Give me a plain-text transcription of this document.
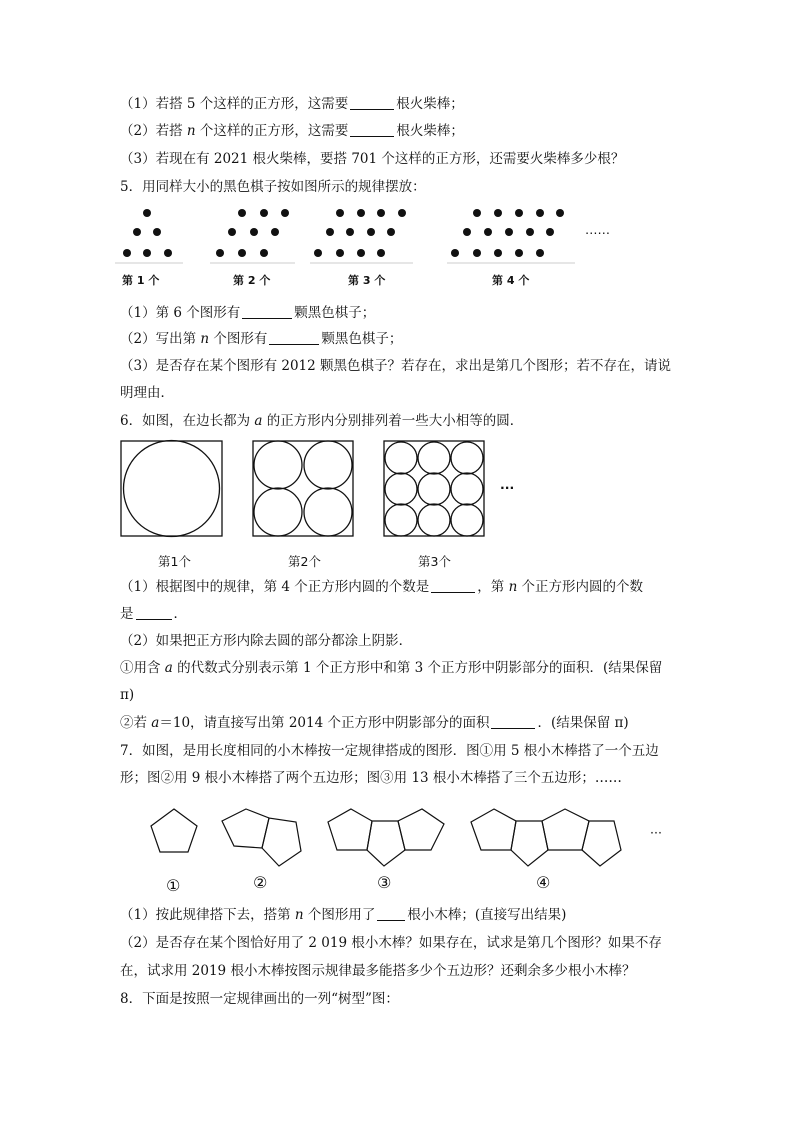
（1）若搭 5 个这样的正方形，这需要	根火柴棒；
（2）若搭 n 个这样的正方形，这需要	根火柴棒；
（3）若现在有 2021 根火柴棒，要搭 701 个这样的正方形，还需要火柴棒多少根？
5．用同样大小的黑色棋子按如图所示的规律摆放：
……
第 1 个	第 2 个	第 3 个	第 4 个
（1）第 6 个图形有	颗黑色棋子；
（2）写出第 n 个图形有	颗黑色棋子；
（3）是否存在某个图形有 2012 颗黑色棋子？若存在，求出是第几个图形；若不存在，请说
明理由．
6．如图，在边长都为 a 的正方形内分别排列着一些大小相等的圆．
···
第1个	第2个	第3个
（1）根据图中的规律，第 4 个正方形内圆的个数是	，第 n 个正方形内圆的个数
是	．
（2）如果把正方形内除去圆的部分都涂上阴影．
①用含 a 的代数式分别表示第 1 个正方形中和第 3 个正方形中阴影部分的面积．(结果保留
π)
②若 a＝10，请直接写出第 2014 个正方形中阴影部分的面积	．(结果保留 π)
7．如图，是用长度相同的小木棒按一定规律搭成的图形．图①用 5 根小木棒搭了一个五边
形；图②用 9 根小木棒搭了两个五边形；图③用 13 根小木棒搭了三个五边形；……
···
①	②	③	④
（1）按此规律搭下去，搭第 n 个图形用了 根小木棒；(直接写出结果)
（2）是否存在某个图恰好用了 2 019 根小木棒？如果存在，试求是第几个图形？如果不存
在，试求用 2019 根小木棒按图示规律最多能搭多少个五边形？还剩余多少根小木棒？
8．下面是按照一定规律画出的一列“树型”图：
